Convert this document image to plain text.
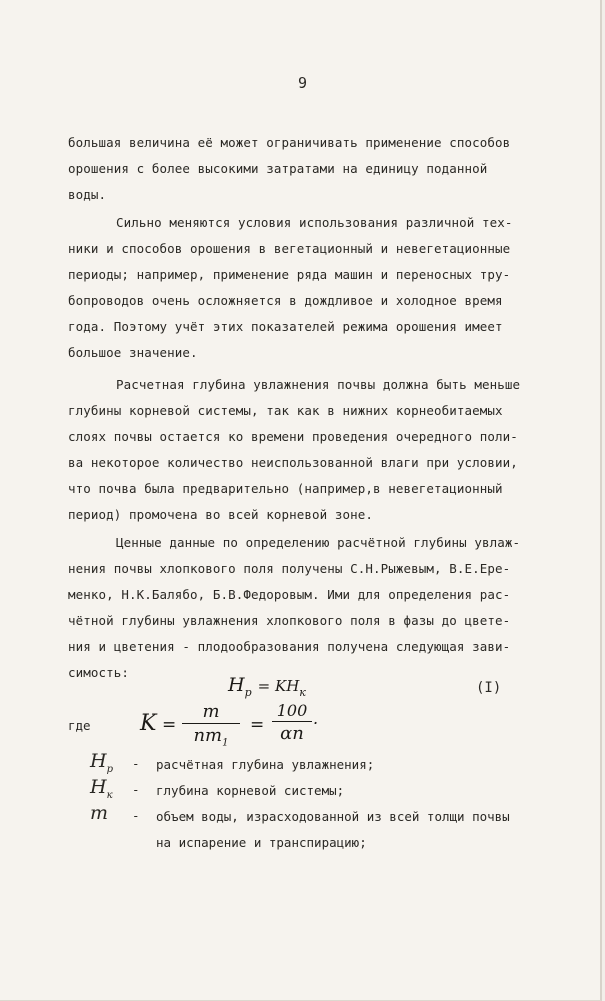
9
большая величина её может ограничивать применение способов
орошения с более высокими затратами на единицу поданной
воды.
Сильно меняются условия использования различной тех-
ники и способов орошения в вегетационный и невегетационные
периоды; например, применение ряда машин и переносных тру-
бопроводов очень осложняется в дождливое и холодное время
года. Поэтому учёт этих показателей режима орошения имеет
большое значение.
Расчетная глубина увлажнения почвы должна быть меньше
глубины корневой системы, так как в нижних корнеобитаемых
слоях почвы остается ко времени проведения очередного поли-
ва некоторое количество неиспользованной влаги при условии,
что почва была предварительно (например,в невегетационный
период) промочена во всей корневой зоне.
Ценные данные по определению расчётной глубины увлаж-
нения почвы хлопкового поля получены С.Н.Рыжевым, В.Е.Ере-
менко, Н.К.Балябо, Б.В.Федоровым. Ими для определения рас-
чётной глубины увлажнения хлопкового поля в фазы до цвете-
ния и цветения - плодообразования получена следующая зави-
симость:
$H_p = KH_к$	(I)
где K =
m
$nm_1$
=
100
αn
.
$H_p$ - расчётная глубина увлажнения;
$H_к$ - глубина корневой системы;
m - объем воды, израсходованной из всей толщи почвы
на испарение и транспирацию;
